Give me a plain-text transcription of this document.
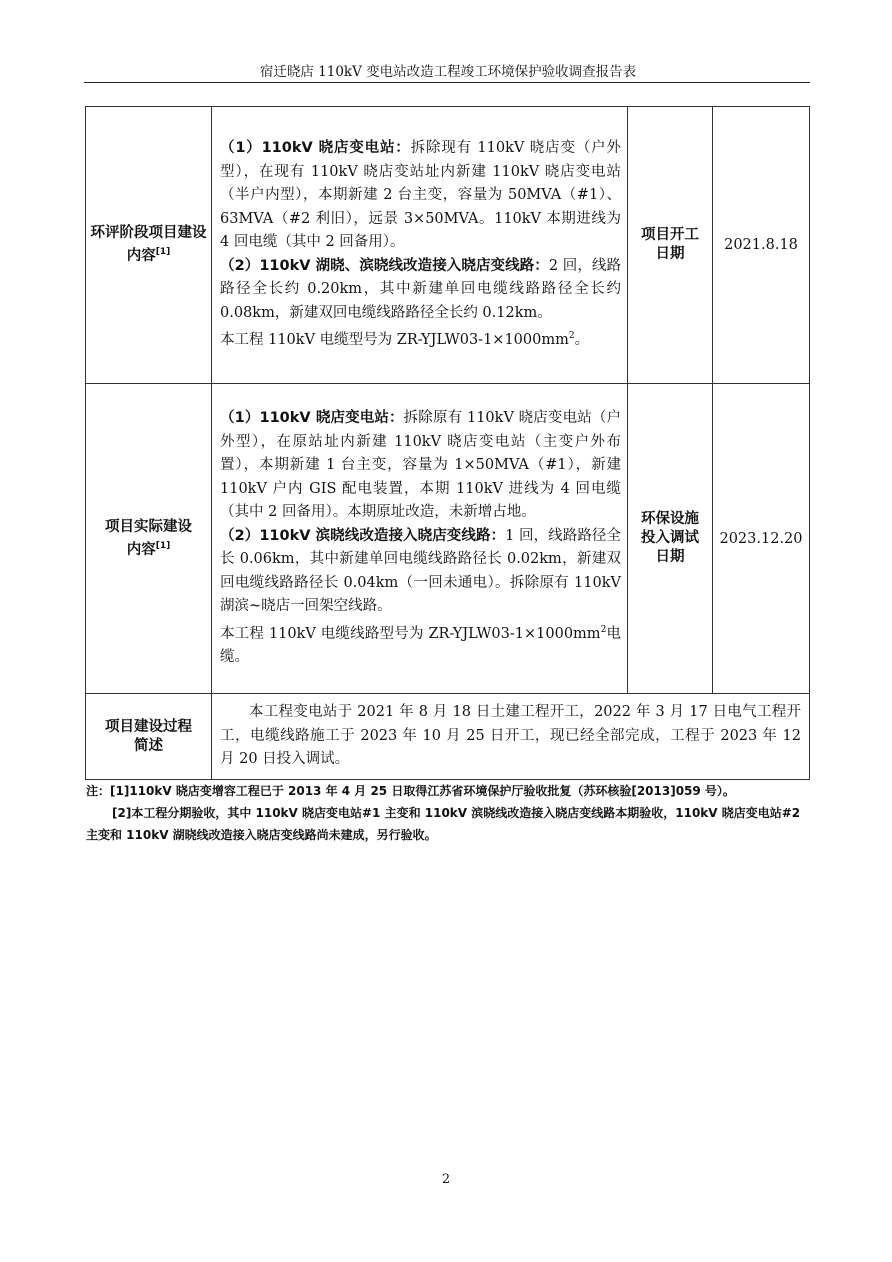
宿迁晓店 110kV 变电站改造工程竣工环境保护验收调查报告表
环评阶段项目建设内容[1]	（1）110kV 晓店变电站：拆除现有 110kV 晓店变（户外型），在现有 110kV 晓店变站址内新建 110kV 晓店变电站（半户内型），本期新建 2 台主变，容量为 50MVA（#1）、63MVA（#2 利旧），远景 3×50MVA。110kV 本期进线为 4 回电缆（其中 2 回备用）。

（2）110kV 湖晓、滨晓线改造接入晓店变线路：2 回，线路路径全长约 0.20km，其中新建单回电缆线路路径全长约 0.08km，新建双回电缆线路路径全长约 0.12km。

本工程 110kV 电缆型号为 $ZR-YJLW03-1\times 1000mm^2$。	项目开工日期	2021.8.18
项目实际建设内容[1]	（1）110kV 晓店变电站：拆除原有 110kV 晓店变电站（户外型），在原站址内新建 110kV 晓店变电站（主变户外布置），本期新建 1 台主变，容量为 1×50MVA（#1），新建 110kV 户内 GIS 配电装置，本期 110kV 进线为 4 回电缆（其中 2 回备用）。本期原址改造，未新增占地。

（2）110kV 滨晓线改造接入晓店变线路：1 回，线路路径全长 0.06km，其中新建单回电缆线路路径长 0.02km，新建双回电缆线路路径长 0.04km（一回未通电）。拆除原有 110kV 湖滨~晓店一回架空线路。

本工程 110kV 电缆线路型号为 $ZR-YJLW03-1\times 1000mm^2$电缆。	环保设施投入调试日期	2023.12.20
项目建设过程简述	本工程变电站于 2021 年 8 月 18 日土建工程开工，2022 年 3 月 17 日电气工程开工，电缆线路施工于 2023 年 10 月 25 日开工，现已经全部完成，工程于 2023 年 12 月 20 日投入调试。		

注：[1]110kV 晓店变增容工程已于 2013 年 4 月 25 日取得江苏省环境保护厅验收批复（苏环核验[2013]059 号）。

[2]本工程分期验收，其中 110kV 晓店变电站#1 主变和 110kV 滨晓线改造接入晓店变线路本期验收，110kV 晓店变电站#2 主变和 110kV 湖晓线改造接入晓店变线路尚未建成，另行验收。

2
